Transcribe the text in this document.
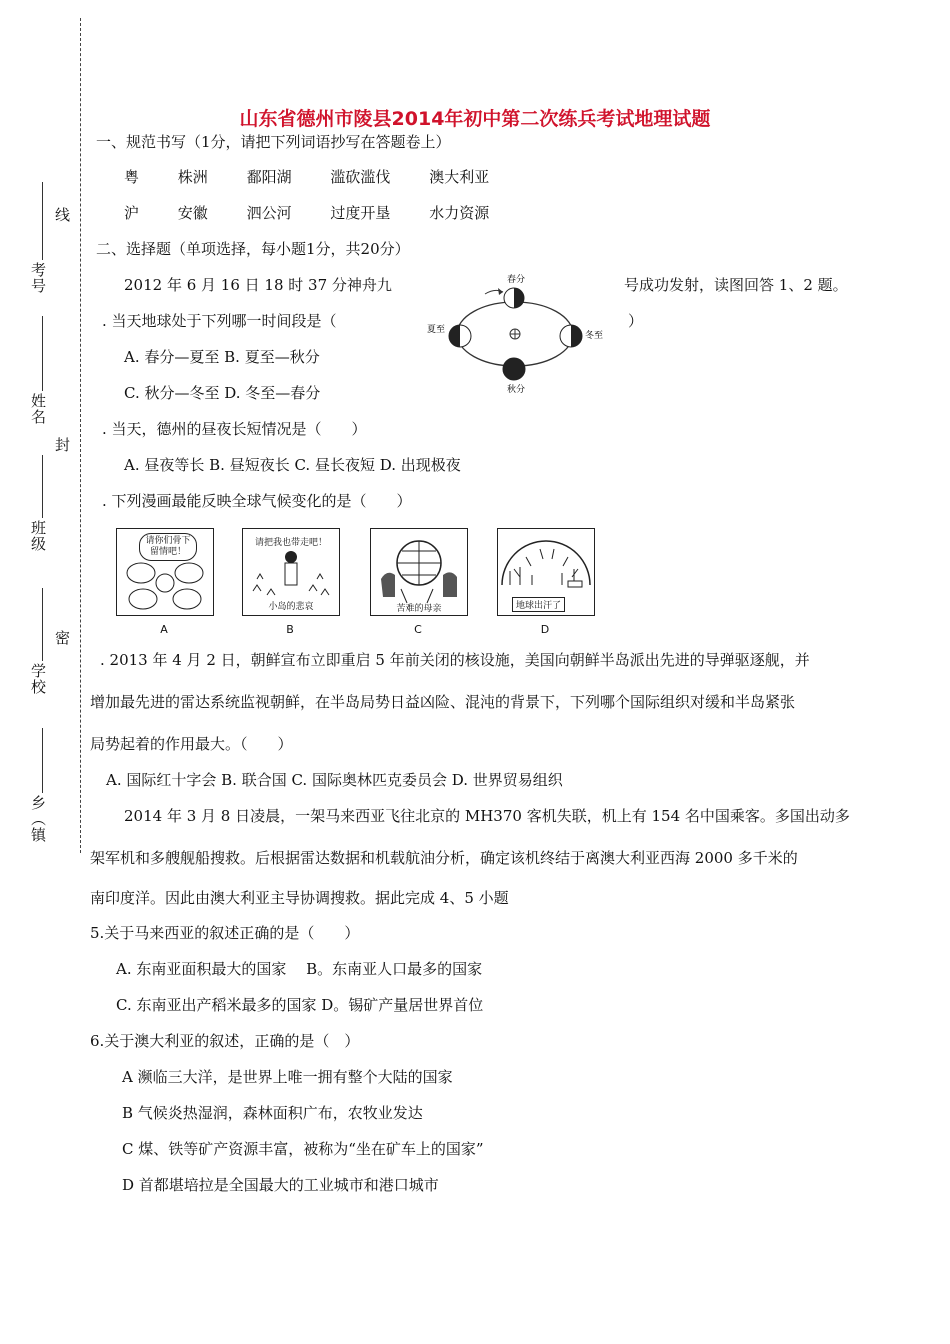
考号
线
姓名
封
班级
密
学校
乡（镇
山东省德州市陵县2014年初中第二次练兵考试地理试题
一、规范书写（1分，请把下列词语抄写在答题卷上）
粤	株洲	鄱阳湖	滥砍滥伐	澳大利亚
沪	安徽	泗公河	过度开垦	水力资源
二、选择题（单项选择，每小题1分，共20分）
2012 年 6 月 16 日 18 时 37 分神舟九	号成功发射，读图回答 1、2 题。
. 当天地球处于下列哪一时间段是（	）
A. 春分—夏至 B. 夏至—秋分
C. 秋分—冬至 D. 冬至—春分
春分
夏至
冬至
秋分
. 当天，德州的昼夜长短情况是（　　）
A. 昼夜等长 B. 昼短夜长 C. 昼长夜短 D. 出现极夜
. 下列漫画最能反映全球气候变化的是（　　）
请你们骨下留情吧！
A
请把我也带走吧！
小岛的悲哀
B
苦难的母亲
C
地球出汗了
D
. 2013 年 4 月 2 日，朝鲜宣布立即重启 5 年前关闭的核设施，美国向朝鲜半岛派出先进的导弹驱逐舰，并
增加最先进的雷达系统监视朝鲜，在半岛局势日益凶险、混沌的背景下，下列哪个国际组织对缓和半岛紧张
局势起着的作用最大。（　　）
A. 国际红十字会 B. 联合国 C. 国际奥林匹克委员会 D. 世界贸易组织
2014 年 3 月 8 日凌晨，一架马来西亚飞往北京的 MH370 客机失联，机上有 154 名中国乘客。多国出动多
架军机和多艘舰船搜救。后根据雷达数据和机载航油分析，确定该机终结于离澳大利亚西海 2000 多千米的
南印度洋。因此由澳大利亚主导协调搜救。据此完成 4、5 小题
5.关于马来西亚的叙述正确的是（　　）
A. 东南亚面积最大的国家　 B。东南亚人口最多的国家
C. 东南亚出产稻米最多的国家 D。锡矿产量居世界首位
6.关于澳大利亚的叙述，正确的是（　）
A 濒临三大洋，是世界上唯一拥有整个大陆的国家
B 气候炎热湿润，森林面积广布，农牧业发达
C 煤、铁等矿产资源丰富，被称为“坐在矿车上的国家”
D 首都堪培拉是全国最大的工业城市和港口城市
